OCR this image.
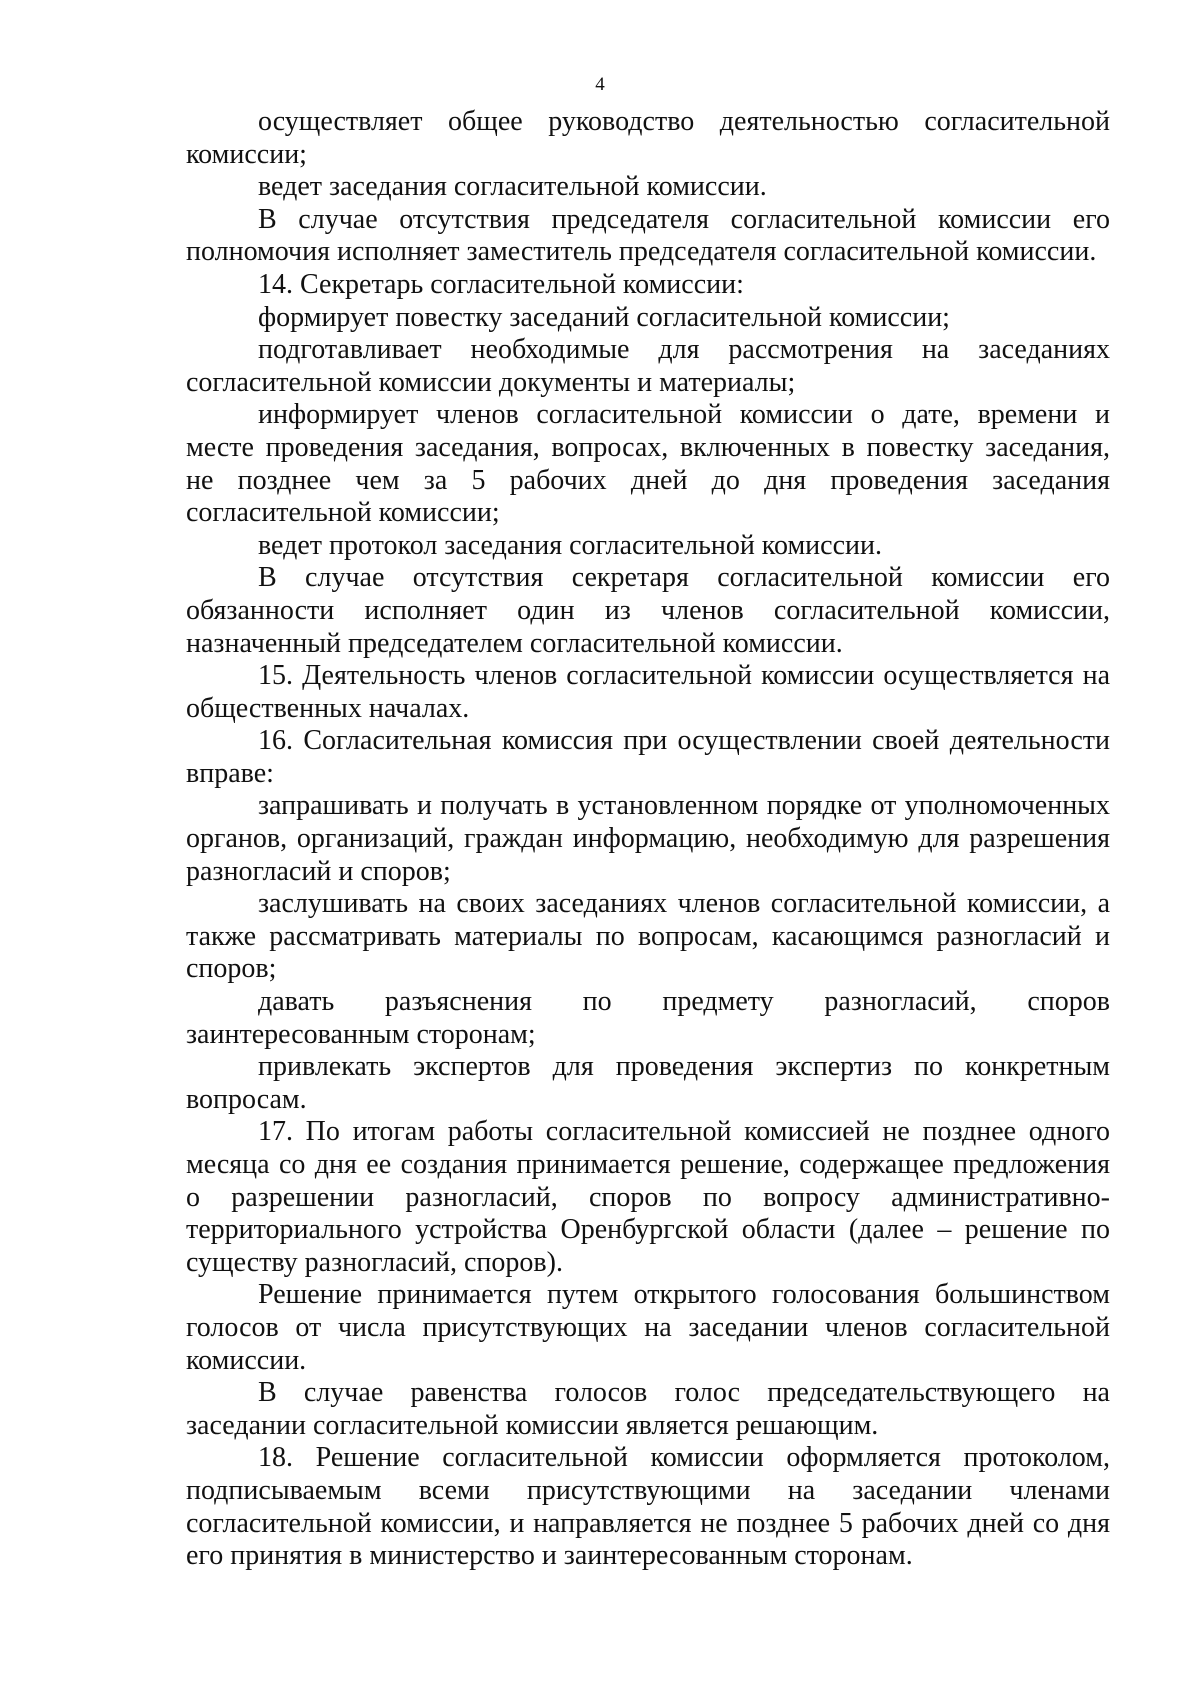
4

осуществляет общее руководство деятельностью согласительной комиссии;

ведет заседания согласительной комиссии.

В случае отсутствия председателя согласительной комиссии его полномочия исполняет заместитель председателя согласительной комиссии.

14. Секретарь согласительной комиссии:

формирует повестку заседаний согласительной комиссии;

подготавливает необходимые для рассмотрения на заседаниях согласительной комиссии документы и материалы;

информирует членов согласительной комиссии о дате, времени и месте проведения заседания, вопросах, включенных в повестку заседания, не позднее чем за 5 рабочих дней до дня проведения заседания согласительной комиссии;

ведет протокол заседания согласительной комиссии.

В случае отсутствия секретаря согласительной комиссии его обязанности исполняет один из членов согласительной комиссии, назначенный председателем согласительной комиссии.

15. Деятельность членов согласительной комиссии осуществляется на общественных началах.

16. Согласительная комиссия при осуществлении своей деятельности вправе:

запрашивать и получать в установленном порядке от уполномоченных органов, организаций, граждан информацию, необходимую для разрешения разногласий и споров;

заслушивать на своих заседаниях членов согласительной комиссии, а также рассматривать материалы по вопросам, касающимся разногласий и споров;

давать разъяснения по предмету разногласий, споров заинтересованным сторонам;

привлекать экспертов для проведения экспертиз по конкретным вопросам.

17. По итогам работы согласительной комиссией не позднее одного месяца со дня ее создания принимается решение, содержащее предложения о разрешении разногласий, споров по вопросу административно-территориального устройства Оренбургской области (далее – решение по существу разногласий, споров).

Решение принимается путем открытого голосования большинством голосов от числа присутствующих на заседании членов согласительной комиссии.

В случае равенства голосов голос председательствующего на заседании согласительной комиссии является решающим.

18. Решение согласительной комиссии оформляется протоколом, подписываемым всеми присутствующими на заседании членами согласительной комиссии, и направляется не позднее 5 рабочих дней со дня его принятия в министерство и заинтересованным сторонам.
